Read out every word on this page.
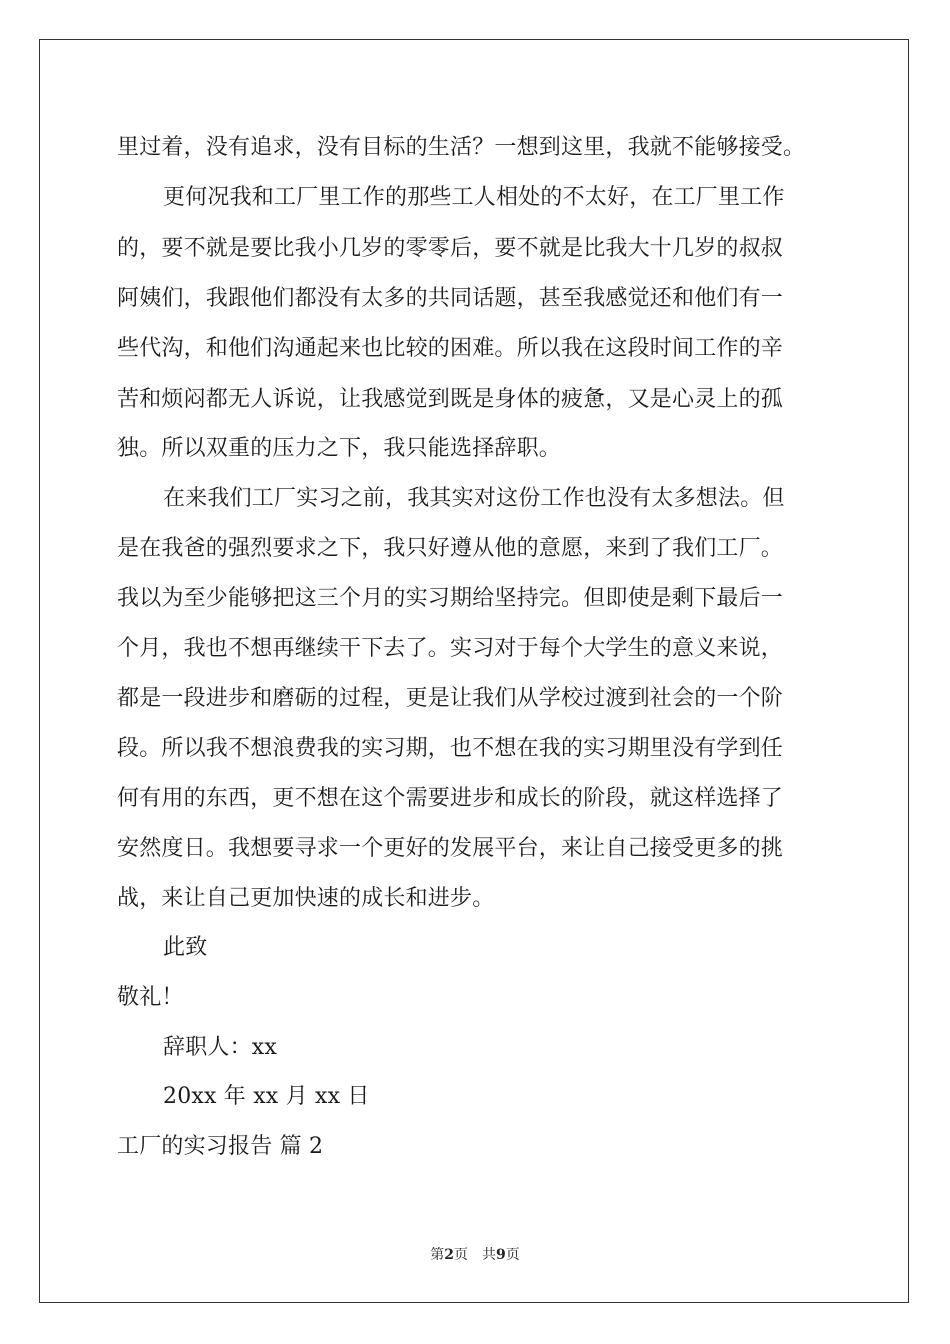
里过着，没有追求，没有目标的生活？一想到这里，我就不能够接受。
更何况我和工厂里工作的那些工人相处的不太好，在工厂里工作
的，要不就是要比我小几岁的零零后，要不就是比我大十几岁的叔叔
阿姨们，我跟他们都没有太多的共同话题，甚至我感觉还和他们有一
些代沟，和他们沟通起来也比较的困难。所以我在这段时间工作的辛
苦和烦闷都无人诉说，让我感觉到既是身体的疲惫，又是心灵上的孤
独。所以双重的压力之下，我只能选择辞职。
在来我们工厂实习之前，我其实对这份工作也没有太多想法。但
是在我爸的强烈要求之下，我只好遵从他的意愿，来到了我们工厂。
我以为至少能够把这三个月的实习期给坚持完。但即使是剩下最后一
个月，我也不想再继续干下去了。实习对于每个大学生的意义来说，
都是一段进步和磨砺的过程，更是让我们从学校过渡到社会的一个阶
段。所以我不想浪费我的实习期，也不想在我的实习期里没有学到任
何有用的东西，更不想在这个需要进步和成长的阶段，就这样选择了
安然度日。我想要寻求一个更好的发展平台，来让自己接受更多的挑
战，来让自己更加快速的成长和进步。
此致
敬礼！
辞职人：xx
20xx 年 xx 月 xx 日
工厂的实习报告 篇 2
第2页　共9页
